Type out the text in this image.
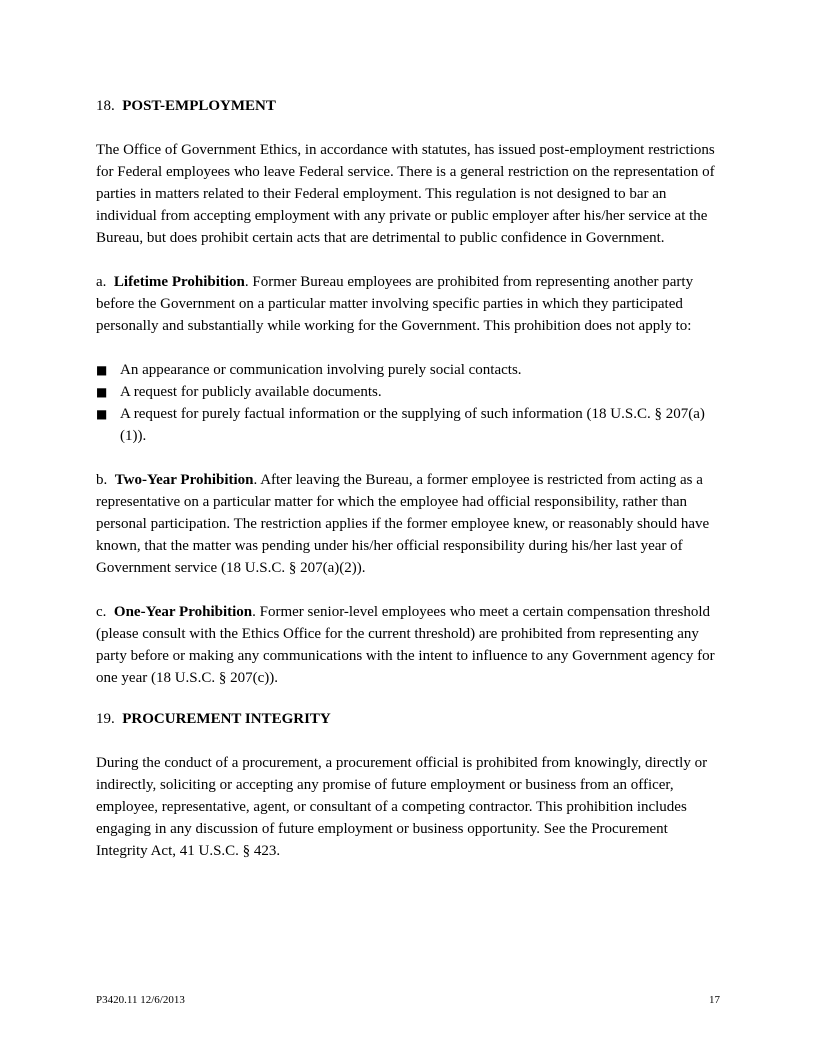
18. POST-EMPLOYMENT

The Office of Government Ethics, in accordance with statutes, has issued post-employment restrictions for Federal employees who leave Federal service. There is a general restriction on the representation of parties in matters related to their Federal employment. This regulation is not designed to bar an individual from accepting employment with any private or public employer after his/her service at the Bureau, but does prohibit certain acts that are detrimental to public confidence in Government.

a. Lifetime Prohibition. Former Bureau employees are prohibited from representing another party before the Government on a particular matter involving specific parties in which they participated personally and substantially while working for the Government. This prohibition does not apply to:

■ An appearance or communication involving purely social contacts.
■ A request for publicly available documents.
■ A request for purely factual information or the supplying of such information (18 U.S.C. § 207(a)(1)).

b. Two-Year Prohibition. After leaving the Bureau, a former employee is restricted from acting as a representative on a particular matter for which the employee had official responsibility, rather than personal participation. The restriction applies if the former employee knew, or reasonably should have known, that the matter was pending under his/her official responsibility during his/her last year of Government service (18 U.S.C. § 207(a)(2)).

c. One-Year Prohibition. Former senior-level employees who meet a certain compensation threshold (please consult with the Ethics Office for the current threshold) are prohibited from representing any party before or making any communications with the intent to influence to any Government agency for one year (18 U.S.C. § 207(c)).

19. PROCUREMENT INTEGRITY

During the conduct of a procurement, a procurement official is prohibited from knowingly, directly or indirectly, soliciting or accepting any promise of future employment or business from an officer, employee, representative, agent, or consultant of a competing contractor. This prohibition includes engaging in any discussion of future employment or business opportunity. See the Procurement Integrity Act, 41 U.S.C. § 423.

P3420.11 12/6/2013	17
